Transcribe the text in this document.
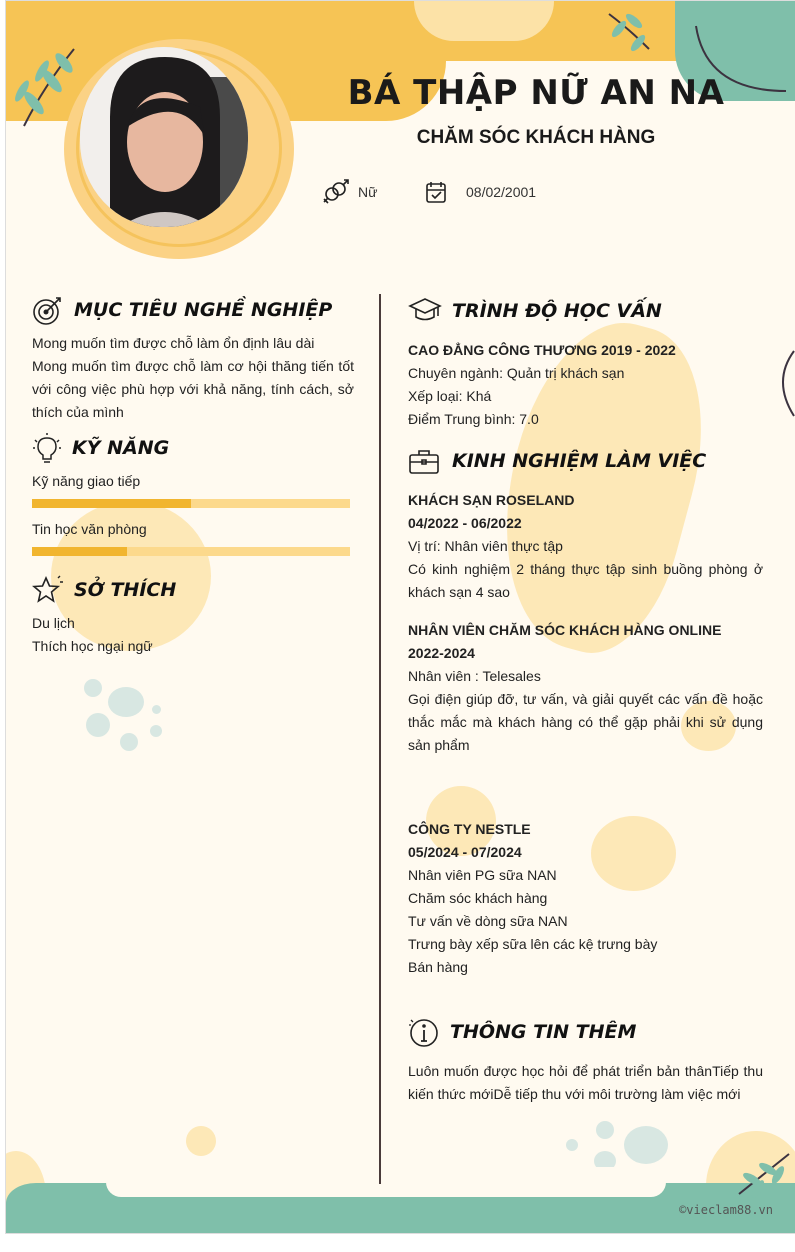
BÁ THẬP NỮ AN NA
CHĂM SÓC KHÁCH HÀNG
Nữ	08/02/2001
MỤC TIÊU NGHỀ NGHIỆP
Mong muốn tìm được chỗ làm ổn định lâu dài
Mong muốn tìm được chỗ làm cơ hội thăng tiến tốt với công việc phù hợp với khả năng, tính cách, sở thích của mình
KỸ NĂNG
Kỹ năng giao tiếp
Tin học văn phòng
SỞ THÍCH
Du lịch
Thích học ngại ngữ
TRÌNH ĐỘ HỌC VẤN
CAO ĐẲNG CÔNG THƯƠNG 2019 - 2022
Chuyên ngành: Quản trị khách sạn
Xếp loại: Khá
Điểm Trung bình: 7.0
KINH NGHIỆM LÀM VIỆC
KHÁCH SẠN ROSELAND
04/2022 - 06/2022
Vị trí: Nhân viên thực tập
Có kinh nghiệm 2 tháng thực tập sinh buồng phòng ở khách sạn 4 sao
NHÂN VIÊN CHĂM SÓC KHÁCH HÀNG ONLINE
2022-2024
Nhân viên : Telesales
Gọi điện giúp đỡ, tư vấn, và giải quyết các vấn đề hoặc thắc mắc mà khách hàng có thể gặp phải khi sử dụng sản phẩm
CÔNG TY NESTLE
05/2024 - 07/2024
Nhân viên PG sữa NAN
Chăm sóc khách hàng
Tư vấn về dòng sữa NAN
Trưng bày xếp sữa lên các kệ trưng bày
Bán hàng
THÔNG TIN THÊM
Luôn muốn được học hỏi để phát triển bản thânTiếp thu kiến thức mớiDễ tiếp thu với môi trường làm việc mới
©vieclam88.vn
